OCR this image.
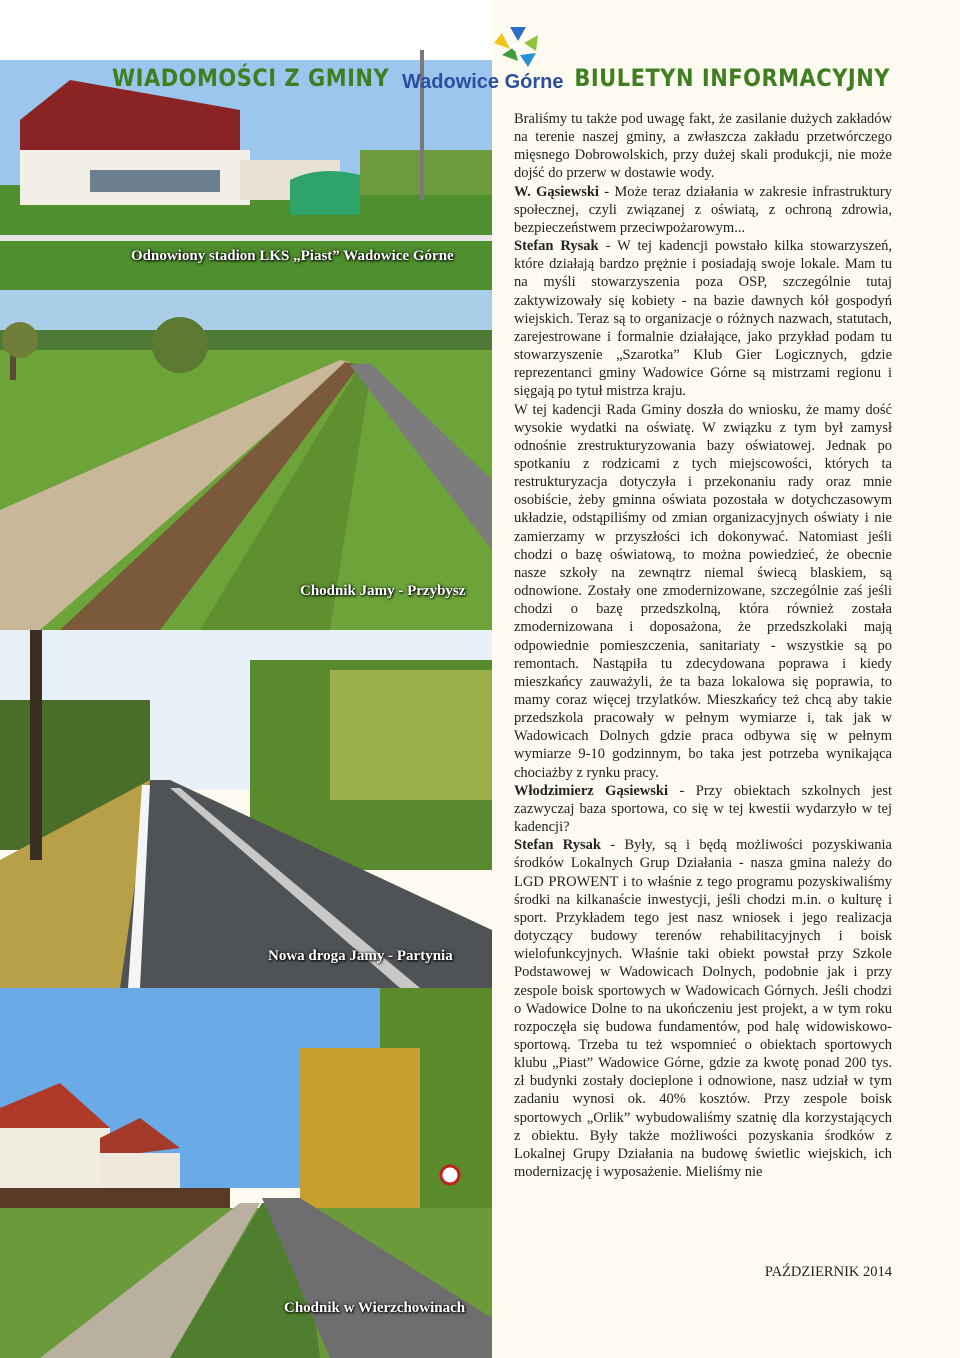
Odnowiony stadion LKS „Piast” Wadowice Górne
WIADOMOŚCI Z GMINY Wadowice Górne BIULETYN INFORMACYJNY
Chodnik Jamy - Przybysz
Nowa droga Jamy - Partynia
Chodnik w Wierzchowinach

Braliśmy tu także pod uwagę fakt, że zasilanie dużych zakładów na terenie naszej gminy, a zwłaszcza zakładu przetwórczego mięsnego Dobrowolskich, przy dużej skali produkcji, nie może dojść do przerw w dostawie wody.

W. Gąsiewski - Może teraz działania w zakresie infrastruktury społecznej, czyli związanej z oświatą, z ochroną zdrowia, bezpieczeństwem przeciwpożarowym...

Stefan Rysak - W tej kadencji powstało kilka stowarzyszeń, które działają bardzo prężnie i posiadają swoje lokale. Mam tu na myśli stowarzyszenia poza OSP, szczególnie tutaj zaktywizowały się kobiety - na bazie dawnych kół gospodyń wiejskich. Teraz są to organizacje o różnych nazwach, statutach, zarejestrowane i formalnie działające, jako przykład podam tu stowarzyszenie „Szarotka” Klub Gier Logicznych, gdzie reprezentanci gminy Wadowice Górne są mistrzami regionu i sięgają po tytuł mistrza kraju.

W tej kadencji Rada Gminy doszła do wniosku, że mamy dość wysokie wydatki na oświatę. W związku z tym był zamysł odnośnie zrestrukturyzowania bazy oświatowej. Jednak po spotkaniu z rodzicami z tych miejscowości, których ta restrukturyzacja dotyczyła i przekonaniu rady oraz mnie osobiście, żeby gminna oświata pozostała w dotychczasowym układzie, odstąpiliśmy od zmian organizacyjnych oświaty i nie zamierzamy w przyszłości ich dokonywać. Natomiast jeśli chodzi o bazę oświatową, to można powiedzieć, że obecnie nasze szkoły na zewnątrz niemal świecą blaskiem, są odnowione. Zostały one zmodernizowane, szczególnie zaś jeśli chodzi o bazę przedszkolną, która również została zmodernizowana i doposażona, że przedszkolaki mają odpowiednie pomieszczenia, sanitariaty - wszystkie są po remontach. Nastąpiła tu zdecydowana poprawa i kiedy mieszkańcy zauważyli, że ta baza lokalowa się poprawia, to mamy coraz więcej trzylatków. Mieszkańcy też chcą aby takie przedszkola pracowały w pełnym wymiarze i, tak jak w Wadowicach Dolnych gdzie praca odbywa się w pełnym wymiarze 9-10 godzinnym, bo taka jest potrzeba wynikająca chociażby z rynku pracy.

Włodzimierz Gąsiewski - Przy obiektach szkolnych jest zazwyczaj baza sportowa, co się w tej kwestii wydarzyło w tej kadencji?

Stefan Rysak - Były, są i będą możliwości pozyskiwania środków Lokalnych Grup Działania - nasza gmina należy do LGD PROWENT i to właśnie z tego programu pozyskiwaliśmy środki na kilkanaście inwestycji, jeśli chodzi m.in. o kulturę i sport. Przykładem tego jest nasz wniosek i jego realizacja dotyczący budowy terenów rehabilitacyjnych i boisk wielofunkcyjnych. Właśnie taki obiekt powstał przy Szkole Podstawowej w Wadowicach Dolnych, podobnie jak i przy zespole boisk sportowych w Wadowicach Górnych. Jeśli chodzi o Wadowice Dolne to na ukończeniu jest projekt, a w tym roku rozpoczęła się budowa fundamentów, pod halę widowiskowo-sportową. Trzeba tu też wspomnieć o obiektach sportowych klubu „Piast” Wadowice Górne, gdzie za kwotę ponad 200 tys. zł budynki zostały docieplone i odnowione, nasz udział w tym zadaniu wynosi ok. 40% kosztów. Przy zespole boisk sportowych „Orlik” wybudowaliśmy szatnię dla korzystających z obiektu. Były także możliwości pozyskania środków z Lokalnej Grupy Działania na budowę świetlic wiejskich, ich modernizację i wyposażenie. Mieliśmy nie

PAŹDZIERNIK 2014
